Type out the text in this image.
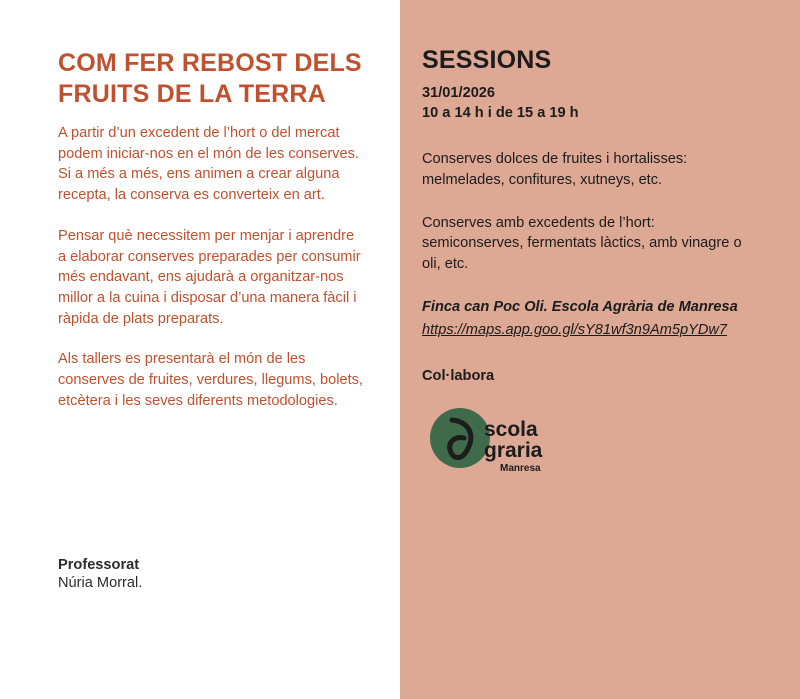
COM FER REBOST DELS FRUITS DE LA TERRA

A partir d’un excedent de l’hort o del mercat podem iniciar-nos en el món de les conserves. Si a més a més, ens animen a crear alguna recepta, la conserva es converteix en art.

Pensar què necessitem per menjar i aprendre a elaborar conserves preparades per consumir més endavant, ens ajudarà a organitzar-nos millor a la cuina i disposar d’una manera fàcil i ràpida de plats preparats.

Als tallers es presentarà el món de les conserves de fruites, verdures, llegums, bolets, etcètera i les seves diferents metodologies.

Professorat
Núria Morral.
SESSIONS
31/01/2026
10 a 14 h i de 15 a 19 h

Conserves dolces de fruites i hortalisses: melmelades, confitures, xutneys, etc.

Conserves amb excedents de l’hort: semiconserves, fermentats làctics, amb vinagre o oli, etc.

Finca can Poc Oli. Escola Agrària de Manresa
https://maps.app.goo.gl/sY81wf3n9Am5pYDw7
Col·labora
scola
graria
Manresa
